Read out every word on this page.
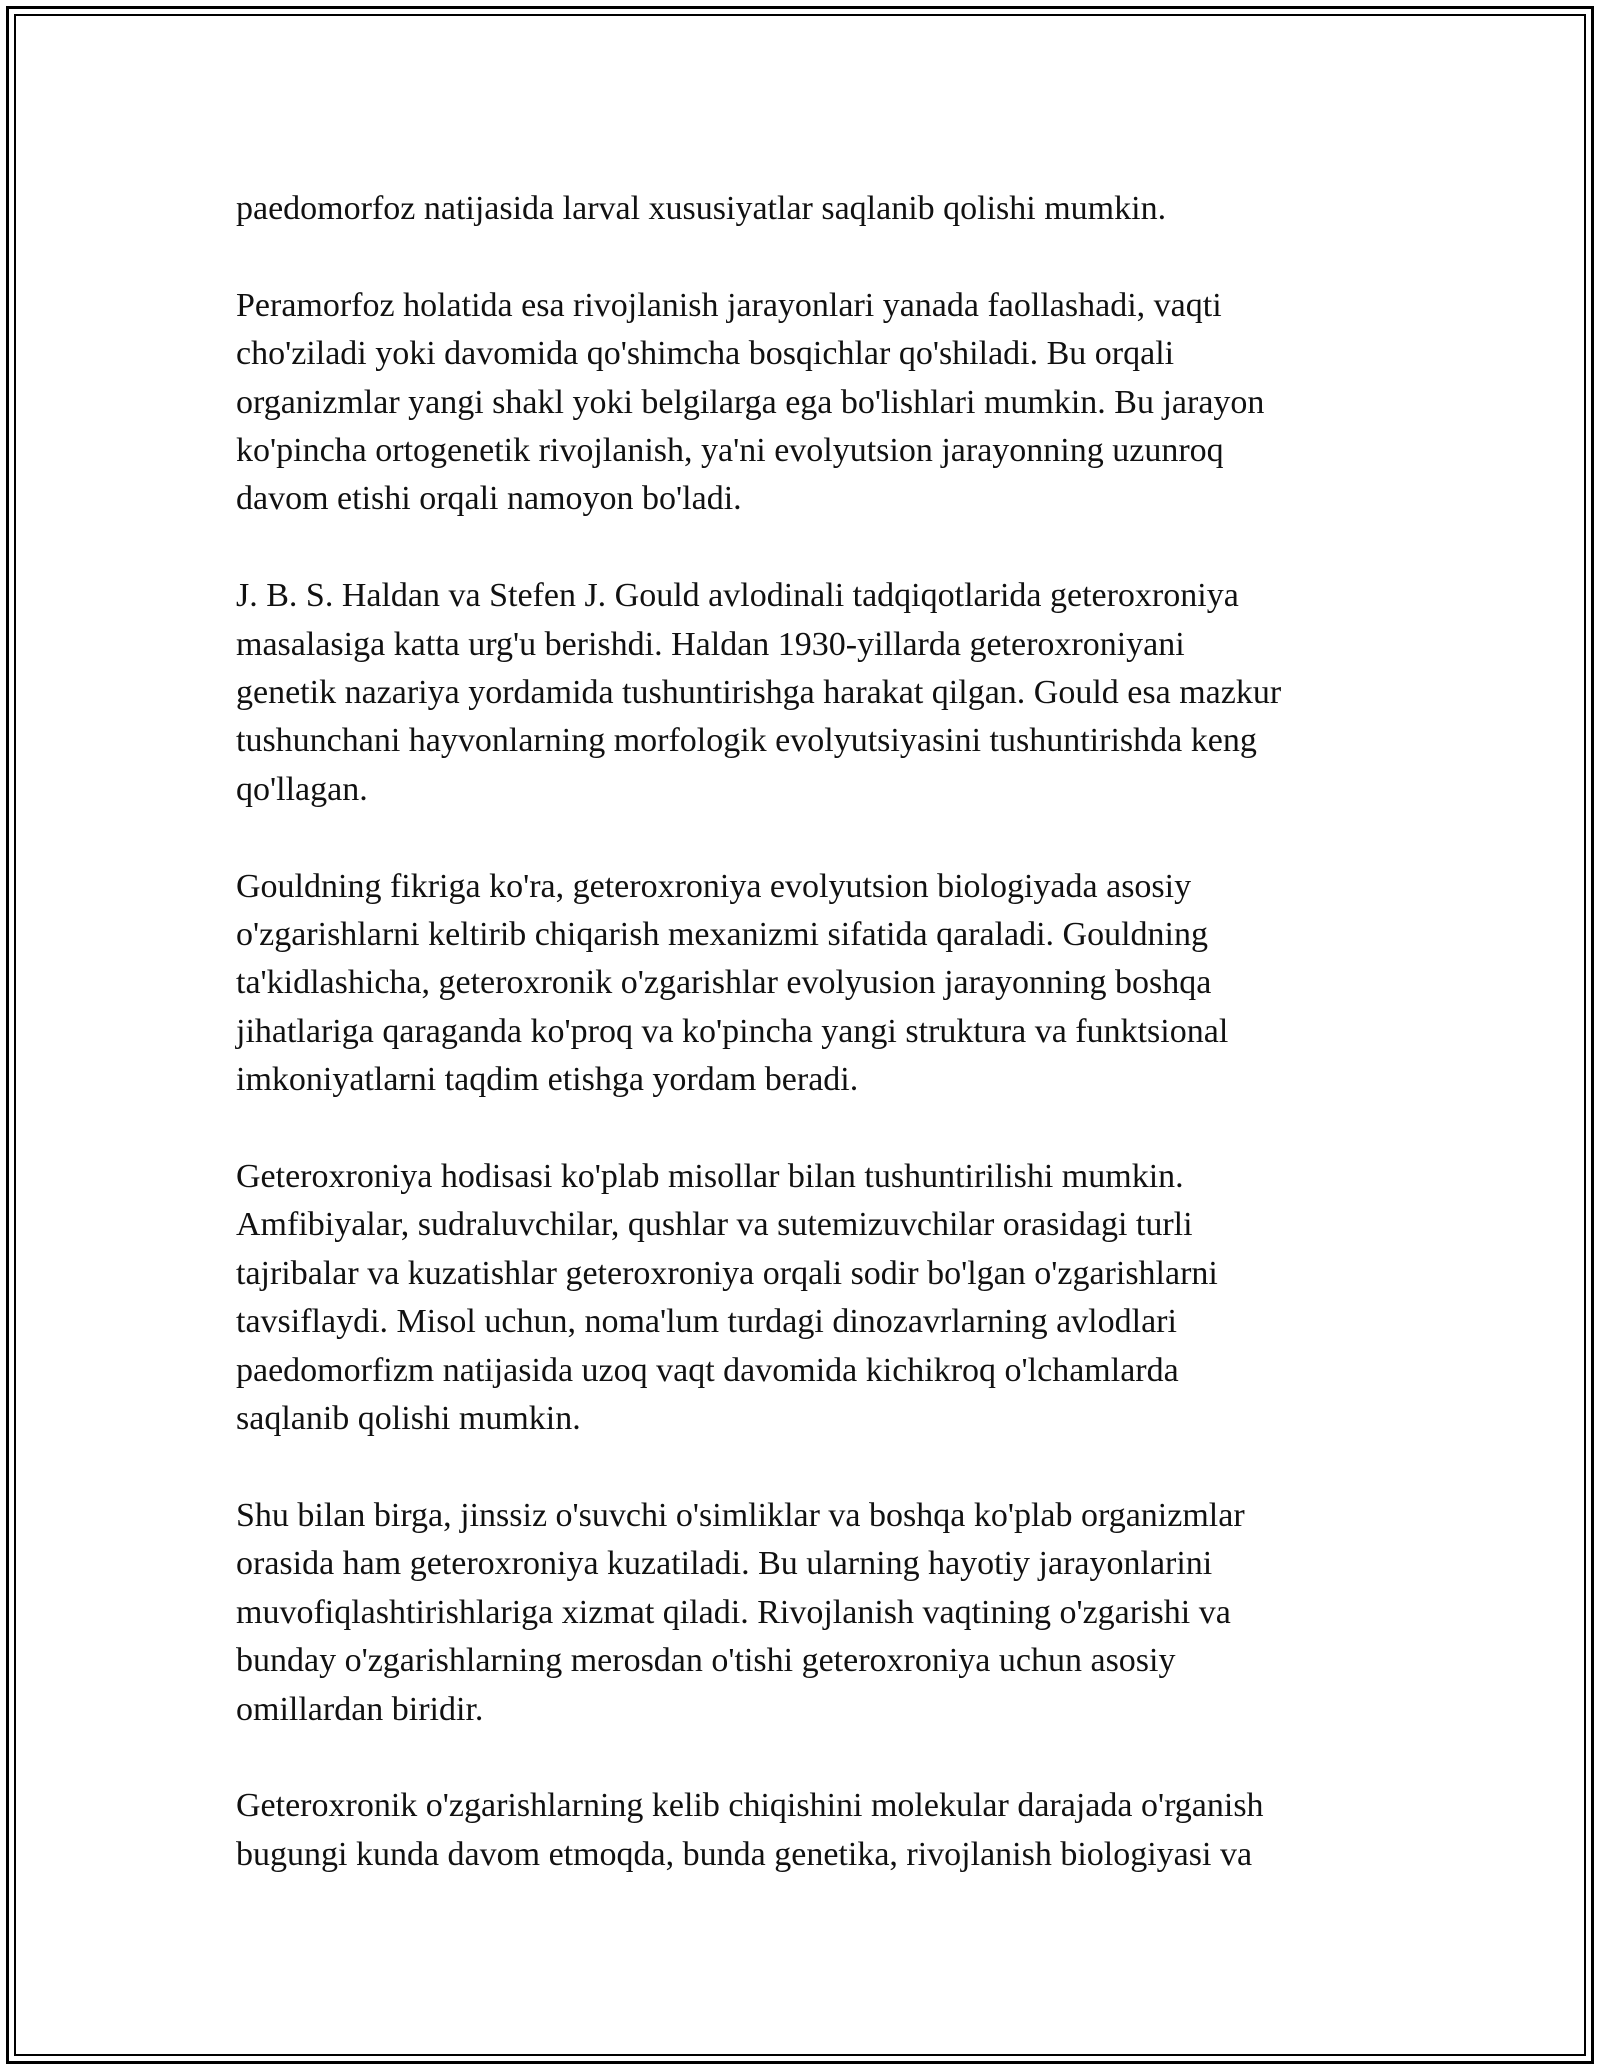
paedomorfoz natijasida larval xususiyatlar saqlanib qolishi mumkin.

Peramorfoz holatida esa rivojlanish jarayonlari yanada faollashadi, vaqti
cho'ziladi yoki davomida qo'shimcha bosqichlar qo'shiladi. Bu orqali
organizmlar yangi shakl yoki belgilarga ega bo'lishlari mumkin. Bu jarayon
ko'pincha ortogenetik rivojlanish, ya'ni evolyutsion jarayonning uzunroq
davom etishi orqali namoyon bo'ladi.

J. B. S. Haldan va Stefen J. Gould avlodinali tadqiqotlarida geteroxroniya
masalasiga katta urg'u berishdi. Haldan 1930-yillarda geteroxroniyani
genetik nazariya yordamida tushuntirishga harakat qilgan. Gould esa mazkur
tushunchani hayvonlarning morfologik evolyutsiyasini tushuntirishda keng
qo'llagan.

Gouldning fikriga ko'ra, geteroxroniya evolyutsion biologiyada asosiy
o'zgarishlarni keltirib chiqarish mexanizmi sifatida qaraladi. Gouldning
ta'kidlashicha, geteroxronik o'zgarishlar evolyusion jarayonning boshqa
jihatlariga qaraganda ko'proq va ko'pincha yangi struktura va funktsional
imkoniyatlarni taqdim etishga yordam beradi.

Geteroxroniya hodisasi ko'plab misollar bilan tushuntirilishi mumkin.
Amfibiyalar, sudraluvchilar, qushlar va sutemizuvchilar orasidagi turli
tajribalar va kuzatishlar geteroxroniya orqali sodir bo'lgan o'zgarishlarni
tavsiflaydi. Misol uchun, noma'lum turdagi dinozavrlarning avlodlari
paedomorfizm natijasida uzoq vaqt davomida kichikroq o'lchamlarda
saqlanib qolishi mumkin.

Shu bilan birga, jinssiz o'suvchi o'simliklar va boshqa ko'plab organizmlar
orasida ham geteroxroniya kuzatiladi. Bu ularning hayotiy jarayonlarini
muvofiqlashtirishlariga xizmat qiladi. Rivojlanish vaqtining o'zgarishi va
bunday o'zgarishlarning merosdan o'tishi geteroxroniya uchun asosiy
omillardan biridir.

Geteroxronik o'zgarishlarning kelib chiqishini molekular darajada o'rganish
bugungi kunda davom etmoqda, bunda genetika, rivojlanish biologiyasi va
